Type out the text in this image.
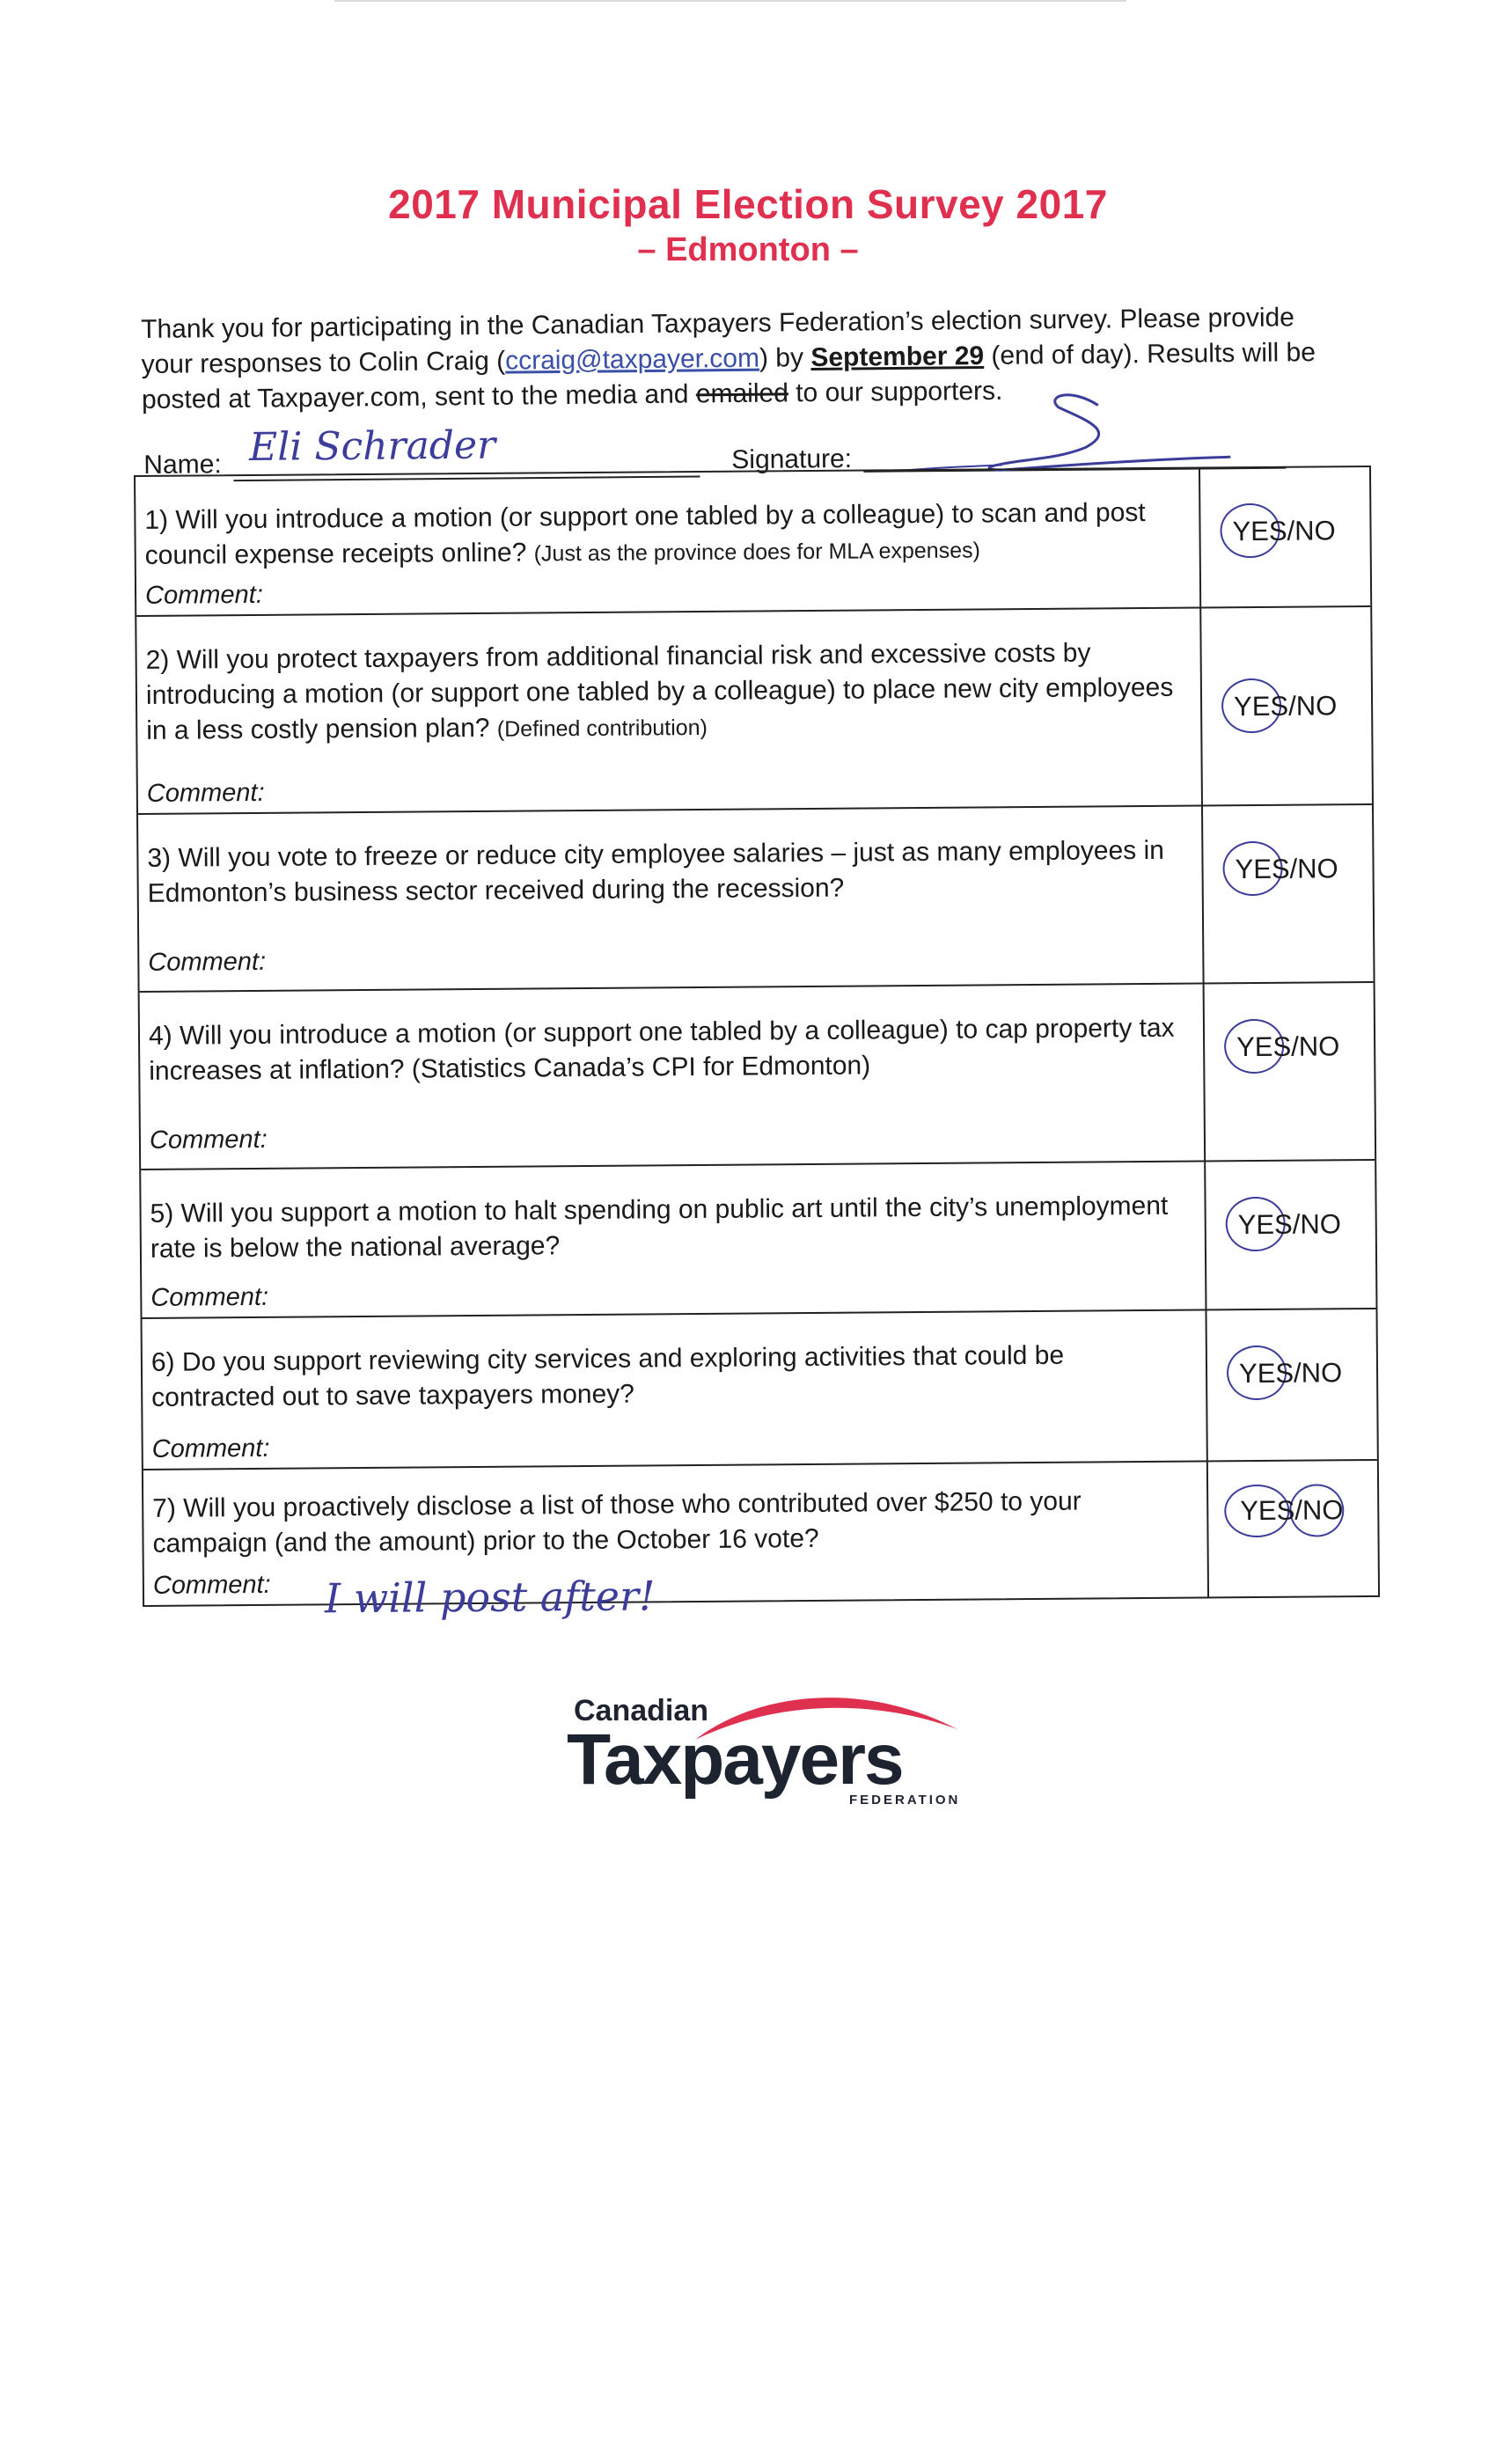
2017 Municipal Election Survey 2017
– Edmonton –
Thank you for participating in the Canadian Taxpayers Federation’s election survey. Please provide your responses to Colin Craig (ccraig@taxpayer.com) by September 29 (end of day). Results will be posted at Taxpayer.com, sent to the media and emailed to our supporters.
Name: Eli Schrader	Signature:
1) Will you introduce a motion (or support one tabled by a colleague) to scan and post council expense receipts online? (Just as the province does for MLA expenses)
Comment:
YES/NO
2) Will you protect taxpayers from additional financial risk and excessive costs by introducing a motion (or support one tabled by a colleague) to place new city employees in a less costly pension plan? (Defined contribution)
Comment:
YES/NO
3) Will you vote to freeze or reduce city employee salaries – just as many employees in Edmonton’s business sector received during the recession?
Comment:
YES/NO
4) Will you introduce a motion (or support one tabled by a colleague) to cap property tax increases at inflation? (Statistics Canada’s CPI for Edmonton)
Comment:
YES/NO
5) Will you support a motion to halt spending on public art until the city’s unemployment rate is below the national average?
Comment:
YES/NO
6) Do you support reviewing city services and exploring activities that could be contracted out to save taxpayers money?
Comment:
YES/NO
7) Will you proactively disclose a list of those who contributed over $250 to your campaign (and the amount) prior to the October 16 vote?
Comment: I will post after!
YES/NO
Canadian
Taxpayers
FEDERATION
